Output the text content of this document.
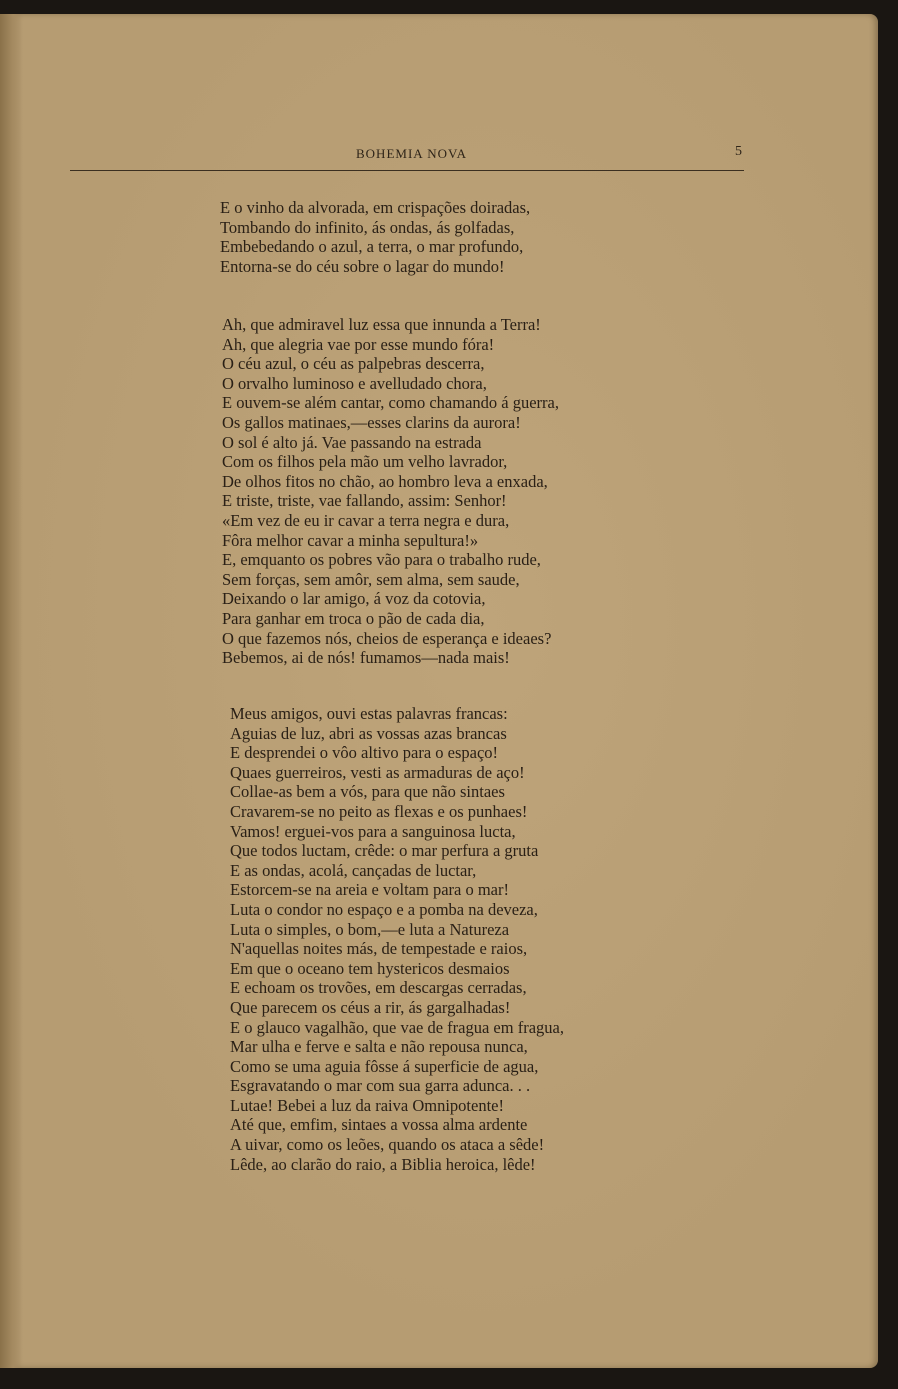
BOHEMIA NOVA	5
E o vinho da alvorada, em crispações doiradas,
Tombando do infinito, ás ondas, ás golfadas,
Embebedando o azul, a terra, o mar profundo,
Entorna-se do céu sobre o lagar do mundo!
Ah, que admiravel luz essa que innunda a Terra!
Ah, que alegria vae por esse mundo fóra!
O céu azul, o céu as palpebras descerra,
O orvalho luminoso e avelludado chora,
E ouvem-se além cantar, como chamando á guerra,
Os gallos matinaes,—esses clarins da aurora!
O sol é alto já. Vae passando na estrada
Com os filhos pela mão um velho lavrador,
De olhos fitos no chão, ao hombro leva a enxada,
E triste, triste, vae fallando, assim: Senhor!
«Em vez de eu ir cavar a terra negra e dura,
Fôra melhor cavar a minha sepultura!»
E, emquanto os pobres vão para o trabalho rude,
Sem forças, sem amôr, sem alma, sem saude,
Deixando o lar amigo, á voz da cotovia,
Para ganhar em troca o pão de cada dia,
O que fazemos nós, cheios de esperança e ideaes?
Bebemos, ai de nós! fumamos—nada mais!
Meus amigos, ouvi estas palavras francas:
Aguias de luz, abri as vossas azas brancas
E desprendei o vôo altivo para o espaço!
Quaes guerreiros, vesti as armaduras de aço!
Collae-as bem a vós, para que não sintaes
Cravarem-se no peito as flexas e os punhaes!
Vamos! erguei-vos para a sanguinosa lucta,
Que todos luctam, crêde: o mar perfura a gruta
E as ondas, acolá, cançadas de luctar,
Estorcem-se na areia e voltam para o mar!
Luta o condor no espaço e a pomba na deveza,
Luta o simples, o bom,—e luta a Natureza
N'aquellas noites más, de tempestade e raios,
Em que o oceano tem hystericos desmaios
E echoam os trovões, em descargas cerradas,
Que parecem os céus a rir, ás gargalhadas!
E o glauco vagalhão, que vae de fragua em fragua,
Mar ulha e ferve e salta e não repousa nunca,
Como se uma aguia fôsse á superficie de agua,
Esgravatando o mar com sua garra adunca. . .
Lutae! Bebei a luz da raiva Omnipotente!
Até que, emfim, sintaes a vossa alma ardente
A uivar, como os leões, quando os ataca a sêde!
Lêde, ao clarão do raio, a Biblia heroica, lêde!
